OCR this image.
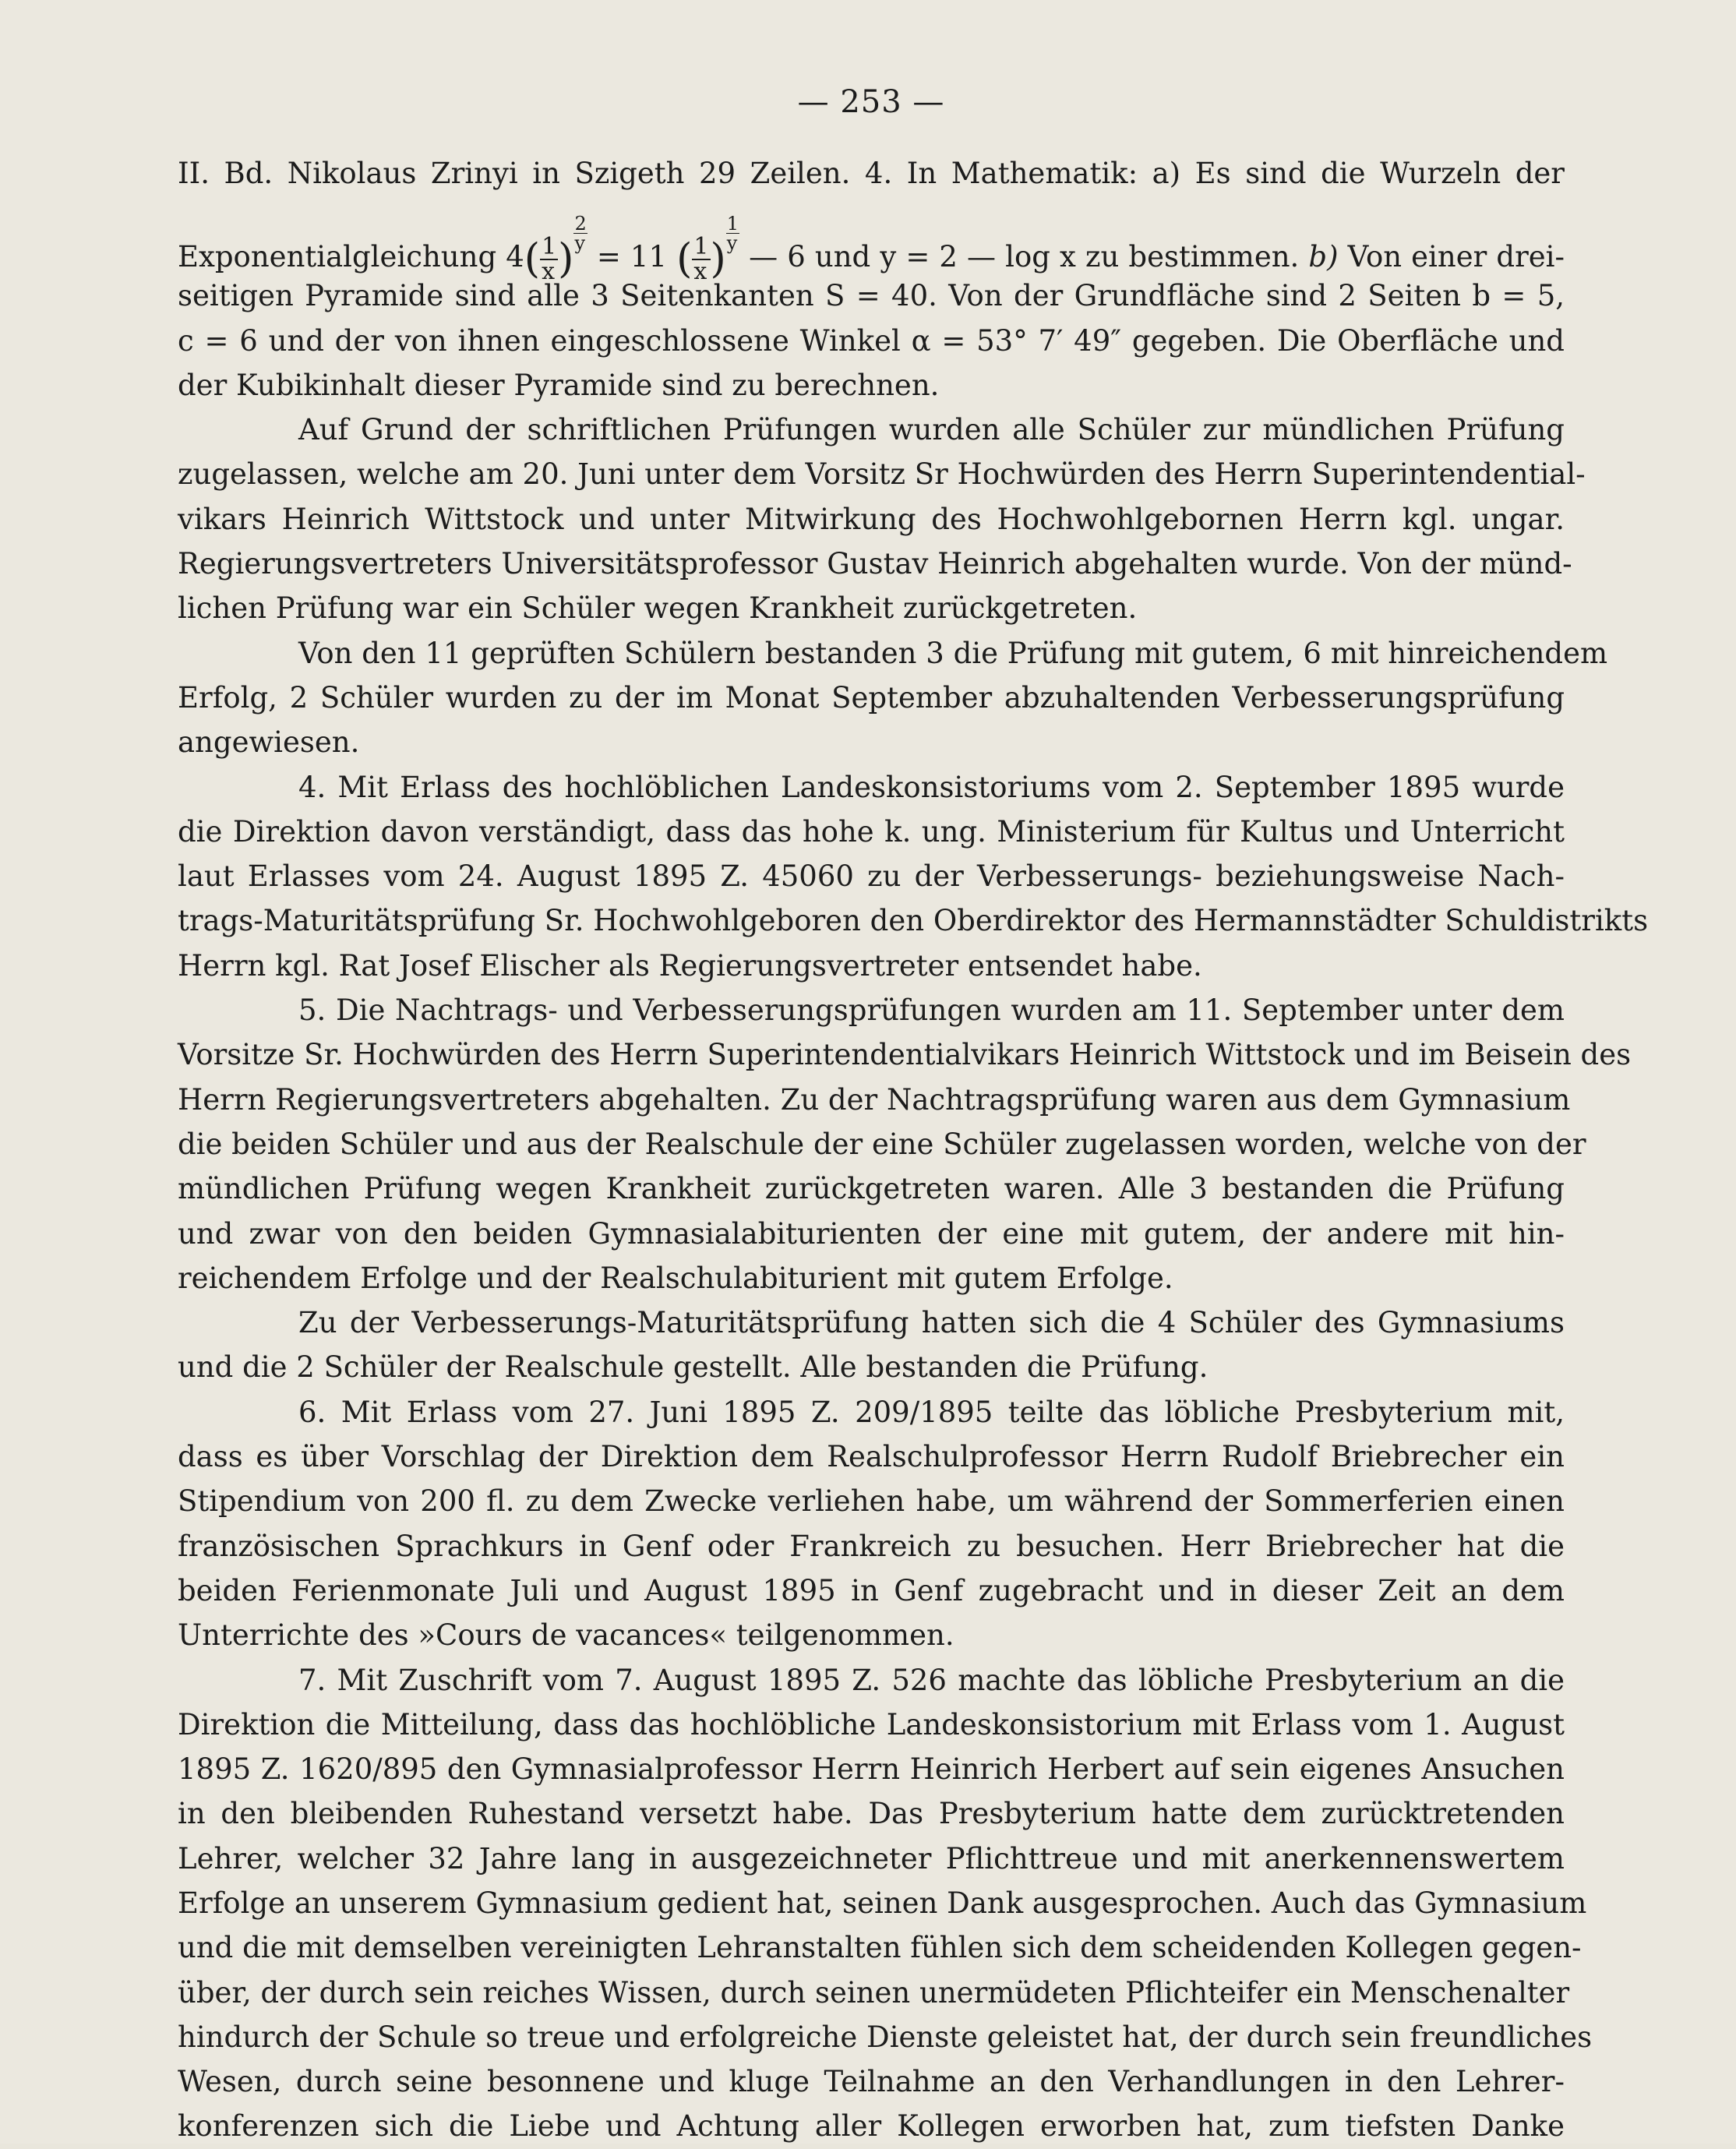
— 253 —
II. Bd. Nikolaus Zrinyi in Szigeth 29 Zeilen. 4. In Mathematik: a) Es sind die Wurzeln der
Exponentialgleichung $4( \frac{1}{x}$ )
$^{\frac{2}{y}}$
= 11 ( $\frac{1}{x}$ )
$^{\frac{1}{y}}$
— 6 und y = 2 — log x zu bestimmen. b) Von einer drei-
seitigen Pyramide sind alle 3 Seitenkanten S = 40. Von der Grundfläche sind 2 Seiten b = 5,
c = 6 und der von ihnen eingeschlossene Winkel α = 53° 7′ 49″ gegeben. Die Oberfläche und
der Kubikinhalt dieser Pyramide sind zu berechnen.
Auf Grund der schriftlichen Prüfungen wurden alle Schüler zur mündlichen Prüfung
zugelassen, welche am 20. Juni unter dem Vorsitz Sr Hochwürden des Herrn Superintendential-
vikars Heinrich Wittstock und unter Mitwirkung des Hochwohlgebornen Herrn kgl. ungar.
Regierungsvertreters Universitätsprofessor Gustav Heinrich abgehalten wurde. Von der münd-
lichen Prüfung war ein Schüler wegen Krankheit zurückgetreten.
Von den 11 geprüften Schülern bestanden 3 die Prüfung mit gutem, 6 mit hinreichendem
Erfolg, 2 Schüler wurden zu der im Monat September abzuhaltenden Verbesserungsprüfung
angewiesen.
4. Mit Erlass des hochlöblichen Landeskonsistoriums vom 2. September 1895 wurde
die Direktion davon verständigt, dass das hohe k. ung. Ministerium für Kultus und Unterricht
laut Erlasses vom 24. August 1895 Z. 45060 zu der Verbesserungs- beziehungsweise Nach-
trags-Maturitätsprüfung Sr. Hochwohlgeboren den Oberdirektor des Hermannstädter Schuldistrikts
Herrn kgl. Rat Josef Elischer als Regierungsvertreter entsendet habe.
5. Die Nachtrags- und Verbesserungsprüfungen wurden am 11. September unter dem
Vorsitze Sr. Hochwürden des Herrn Superintendentialvikars Heinrich Wittstock und im Beisein des
Herrn Regierungsvertreters abgehalten. Zu der Nachtragsprüfung waren aus dem Gymnasium
die beiden Schüler und aus der Realschule der eine Schüler zugelassen worden, welche von der
mündlichen Prüfung wegen Krankheit zurückgetreten waren. Alle 3 bestanden die Prüfung
und zwar von den beiden Gymnasialabiturienten der eine mit gutem, der andere mit hin-
reichendem Erfolge und der Realschulabiturient mit gutem Erfolge.
Zu der Verbesserungs-Maturitätsprüfung hatten sich die 4 Schüler des Gymnasiums
und die 2 Schüler der Realschule gestellt. Alle bestanden die Prüfung.
6. Mit Erlass vom 27. Juni 1895 Z. 209/1895 teilte das löbliche Presbyterium mit,
dass es über Vorschlag der Direktion dem Realschulprofessor Herrn Rudolf Briebrecher ein
Stipendium von 200 fl. zu dem Zwecke verliehen habe, um während der Sommerferien einen
französischen Sprachkurs in Genf oder Frankreich zu besuchen. Herr Briebrecher hat die
beiden Ferienmonate Juli und August 1895 in Genf zugebracht und in dieser Zeit an dem
Unterrichte des »Cours de vacances« teilgenommen.
7. Mit Zuschrift vom 7. August 1895 Z. 526 machte das löbliche Presbyterium an die
Direktion die Mitteilung, dass das hochlöbliche Landeskonsistorium mit Erlass vom 1. August
1895 Z. 1620/895 den Gymnasialprofessor Herrn Heinrich Herbert auf sein eigenes Ansuchen
in den bleibenden Ruhestand versetzt habe. Das Presbyterium hatte dem zurücktretenden
Lehrer, welcher 32 Jahre lang in ausgezeichneter Pflichttreue und mit anerkennenswertem
Erfolge an unserem Gymnasium gedient hat, seinen Dank ausgesprochen. Auch das Gymnasium
und die mit demselben vereinigten Lehranstalten fühlen sich dem scheidenden Kollegen gegen-
über, der durch sein reiches Wissen, durch seinen unermüdeten Pflichteifer ein Menschenalter
hindurch der Schule so treue und erfolgreiche Dienste geleistet hat, der durch sein freundliches
Wesen, durch seine besonnene und kluge Teilnahme an den Verhandlungen in den Lehrer-
konferenzen sich die Liebe und Achtung aller Kollegen erworben hat, zum tiefsten Danke
